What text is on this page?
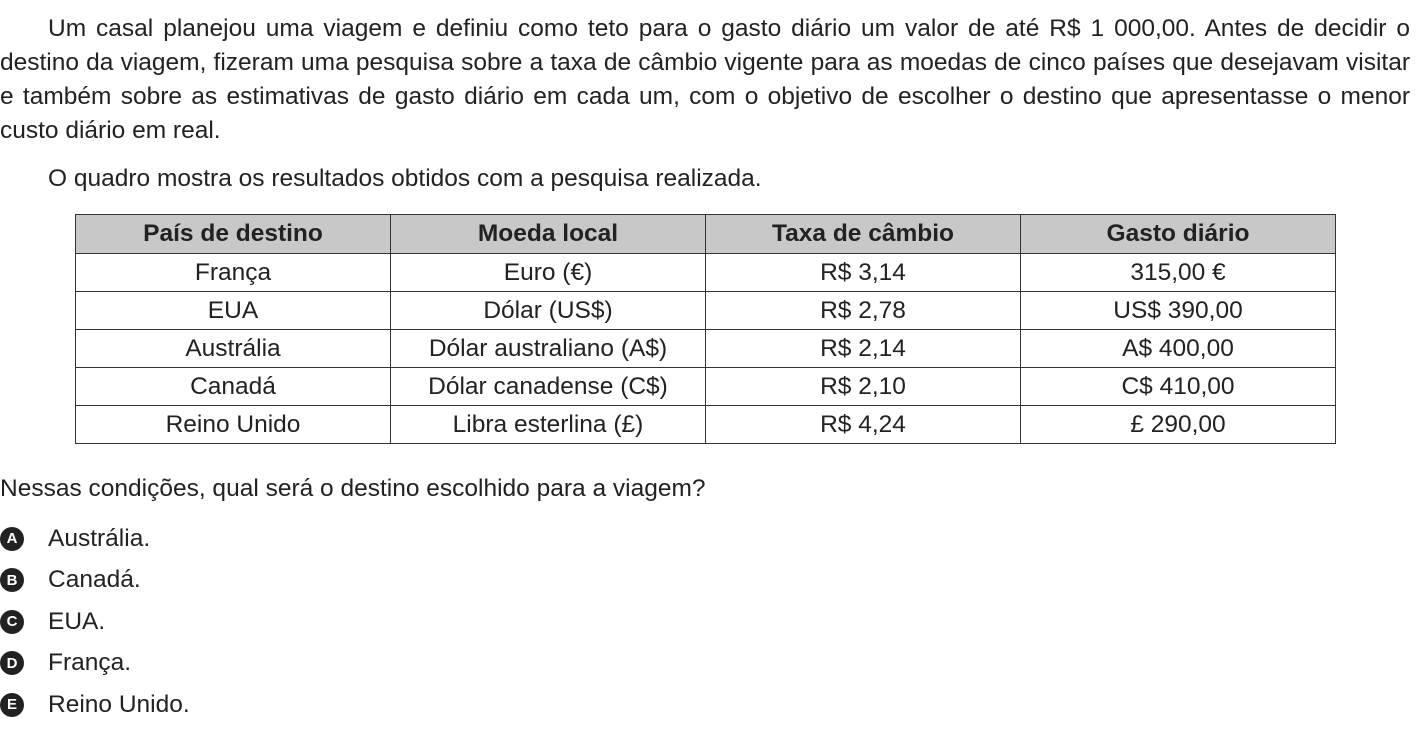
Um casal planejou uma viagem e definiu como teto para o gasto diário um valor de até R$ 1 000,00. Antes de decidir o destino da viagem, fizeram uma pesquisa sobre a taxa de câmbio vigente para as moedas de cinco países que desejavam visitar e também sobre as estimativas de gasto diário em cada um, com o objetivo de escolher o destino que apresentasse o menor custo diário em real.

O quadro mostra os resultados obtidos com a pesquisa realizada.

País de destino	Moeda local	Taxa de câmbio	Gasto diário
França	Euro (€)	R$ 3,14	315,00 €
EUA	Dólar (US$)	R$ 2,78	US$ 390,00
Austrália	Dólar australiano (A$)	R$ 2,14	A$ 400,00
Canadá	Dólar canadense (C$)	R$ 2,10	C$ 410,00
Reino Unido	Libra esterlina (£)	R$ 4,24	£ 290,00

Nessas condições, qual será o destino escolhido para a viagem?

A Austrália.
B Canadá.
C EUA.
D França.
E Reino Unido.
